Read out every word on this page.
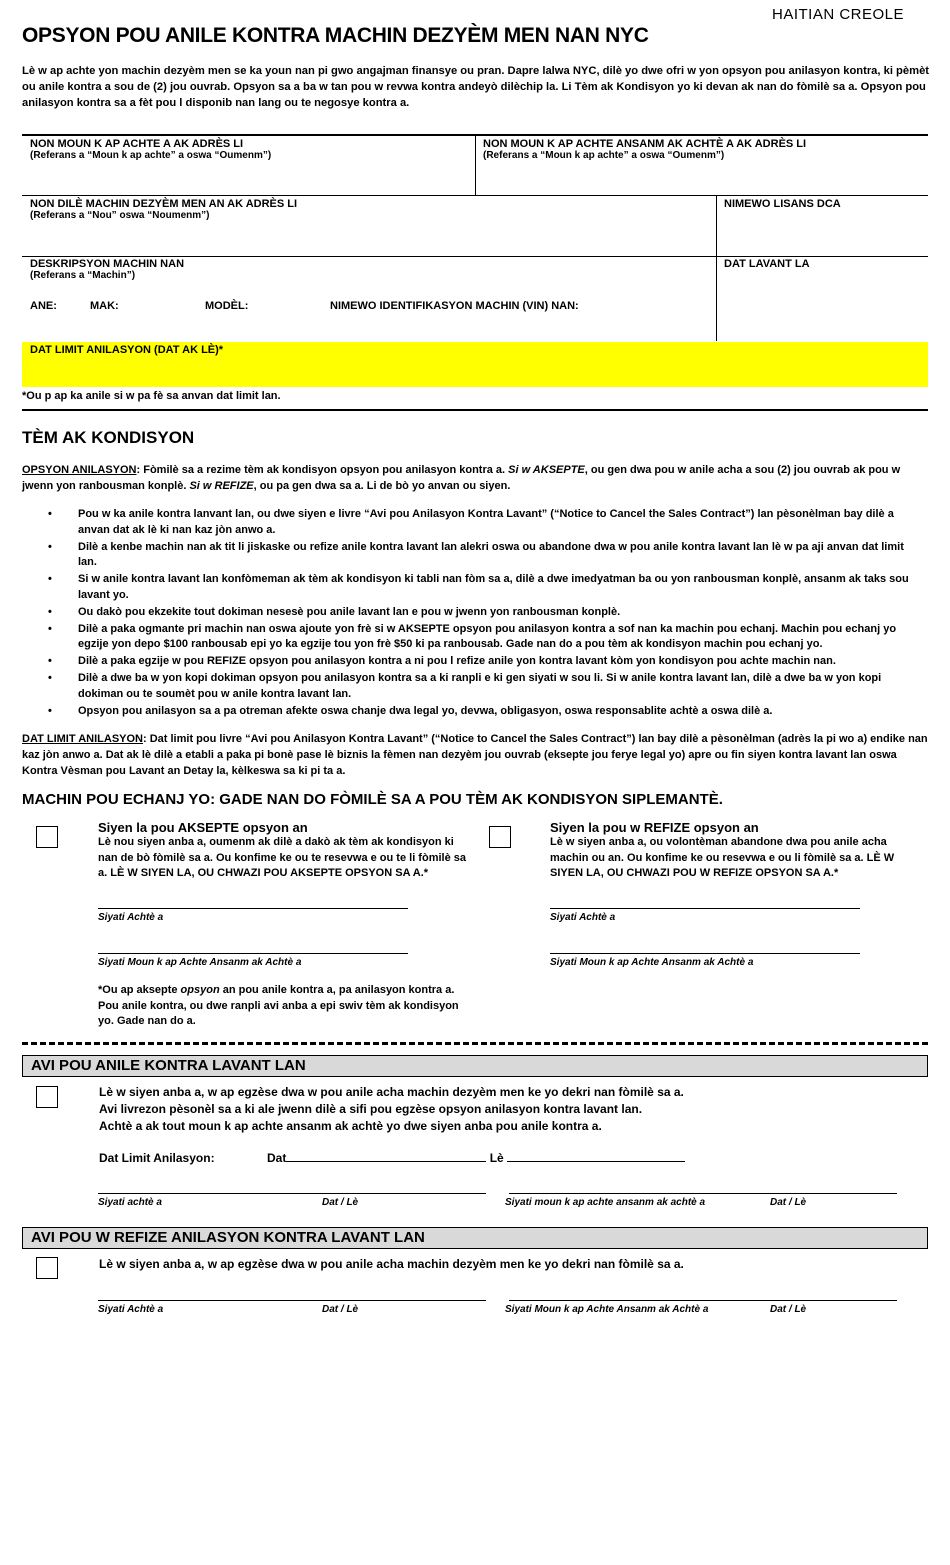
HAITIAN CREOLE
OPSYON POU ANILE KONTRA MACHIN DEZYÈM MEN NAN NYC

Lè w ap achte yon machin dezyèm men se ka youn nan pi gwo angajman finansye ou pran. Dapre lalwa NYC, dilè yo dwe ofri w yon opsyon pou anilasyon kontra, ki pèmèt ou anile kontra a sou de (2) jou ouvrab. Opsyon sa a ba w tan pou w revwa kontra andeyò dilèchip la. Li Tèm ak Kondisyon yo ki devan ak nan do fòmilè sa a. Opsyon pou anilasyon kontra sa a fèt pou l disponib nan lang ou te negosye kontra a.

NON MOUN K AP ACHTE A AK ADRÈS LI
(Referans a “Moun k ap achte” a oswa “Oumenm”)
NON MOUN K AP ACHTE ANSANM AK ACHTÈ A AK ADRÈS LI
(Referans a “Moun k ap achte” a oswa “Oumenm”)
NON DILÈ MACHIN DEZYÈM MEN AN AK ADRÈS LI
(Referans a “Nou” oswa “Noumenm”)
NIMEWO LISANS DCA
DESKRIPSYON MACHIN NAN
(Referans a “Machin”)
DAT LAVANT LA
ANE:	MAK:	MODÈL:	NIMEWO IDENTIFIKASYON MACHIN (VIN) NAN:
DAT LIMIT ANILASYON (DAT AK LÈ)*
*Ou p ap ka anile si w pa fè sa anvan dat limit lan.
TÈM AK KONDISYON

OPSYON ANILASYON: Fòmilè sa a rezime tèm ak kondisyon opsyon pou anilasyon kontra a. Si w AKSEPTE, ou gen dwa pou w anile acha a sou (2) jou ouvrab ak pou w jwenn yon ranbousman konplè. Si w REFIZE, ou pa gen dwa sa a. Li de bò yo anvan ou siyen.

• Pou w ka anile kontra lanvant lan, ou dwe siyen e livre “Avi pou Anilasyon Kontra Lavant” (“Notice to Cancel the Sales Contract”) lan pèsonèlman bay dilè a anvan dat ak lè ki nan kaz jòn anwo a.
• Dilè a kenbe machin nan ak tit li jiskaske ou refize anile kontra lavant lan alekri oswa ou abandone dwa w pou anile kontra lavant lan lè w pa aji anvan dat limit lan.
• Si w anile kontra lavant lan konfòmeman ak tèm ak kondisyon ki tabli nan fòm sa a, dilè a dwe imedyatman ba ou yon ranbousman konplè, ansanm ak taks sou lavant yo.
• Ou dakò pou ekzekite tout dokiman nesesè pou anile lavant lan e pou w jwenn yon ranbousman konplè.
• Dilè a paka ogmante pri machin nan oswa ajoute yon frè si w AKSEPTE opsyon pou anilasyon kontra a sof nan ka machin pou echanj. Machin pou echanj yo egzije yon depo $100 ranbousab epi yo ka egzije tou yon frè $50 ki pa ranbousab. Gade nan do a pou tèm ak kondisyon machin pou echanj yo.
• Dilè a paka egzije w pou REFIZE opsyon pou anilasyon kontra a ni pou l refize anile yon kontra lavant kòm yon kondisyon pou achte machin nan.
• Dilè a dwe ba w yon kopi dokiman opsyon pou anilasyon kontra sa a ki ranpli e ki gen siyati w sou li. Si w anile kontra lavant lan, dilè a dwe ba w yon kopi dokiman ou te soumèt pou w anile kontra lavant lan.
• Opsyon pou anilasyon sa a pa otreman afekte oswa chanje dwa legal yo, devwa, obligasyon, oswa responsablite achtè a oswa dilè a.

DAT LIMIT ANILASYON: Dat limit pou livre “Avi pou Anilasyon Kontra Lavant” (“Notice to Cancel the Sales Contract”) lan bay dilè a pèsonèlman (adrès la pi wo a) endike nan kaz jòn anwo a. Dat ak lè dilè a etabli a paka pi bonè pase lè biznis la fèmen nan dezyèm jou ouvrab (eksepte jou ferye legal yo) apre ou fin siyen kontra lavant lan oswa Kontra Vèsman pou Lavant an Detay la, kèlkeswa sa ki pi ta a.

MACHIN POU ECHANJ YO: GADE NAN DO FÒMILÈ SA A POU TÈM AK KONDISYON SIPLEMANTÈ.
Siyen la pou AKSEPTE opsyon an
Lè nou siyen anba a, oumenm ak dilè a dakò ak tèm ak kondisyon ki nan de bò fòmilè sa a. Ou konfime ke ou te resevwa e ou te li fòmilè sa a. LÈ W SIYEN LA, OU CHWAZI POU AKSEPTE OPSYON SA A.*
Siyati Achtè a
Siyati Moun k ap Achte Ansanm ak Achtè a

*Ou ap aksepte opsyon an pou anile kontra a, pa anilasyon kontra a. Pou anile kontra, ou dwe ranpli avi anba a epi swiv tèm ak kondisyon yo. Gade nan do a.

Siyen la pou w REFIZE opsyon an
Lè w siyen anba a, ou volontèman abandone dwa pou anile acha machin ou an. Ou konfime ke ou resevwa e ou li fòmilè sa a. LÈ W SIYEN LA, OU CHWAZI POU W REFIZE OPSYON SA A.*
Siyati Achtè a
Siyati Moun k ap Achte Ansanm ak Achtè a
AVI POU ANILE KONTRA LAVANT LAN
Lè w siyen anba a, w ap egzèse dwa w pou anile acha machin dezyèm men ke yo dekri nan fòmilè sa a.
Avi livrezon pèsonèl sa a ki ale jwenn dilè a sifi pou egzèse opsyon anilasyon kontra lavant lan.
Achtè a ak tout moun k ap achte ansanm ak achtè yo dwe siyen anba pou anile kontra a.
Dat Limit Anilasyon:	Dat	Lè
Siyati achtè a	Dat / Lè	Siyati moun k ap achte ansanm ak achtè a	Dat / Lè
AVI POU W REFIZE ANILASYON KONTRA LAVANT LAN
Lè w siyen anba a, w ap egzèse dwa w pou anile acha machin dezyèm men ke yo dekri nan fòmilè sa a.
Siyati Achtè a	Dat / Lè	Siyati Moun k ap Achte Ansanm ak Achtè a	Dat / Lè
